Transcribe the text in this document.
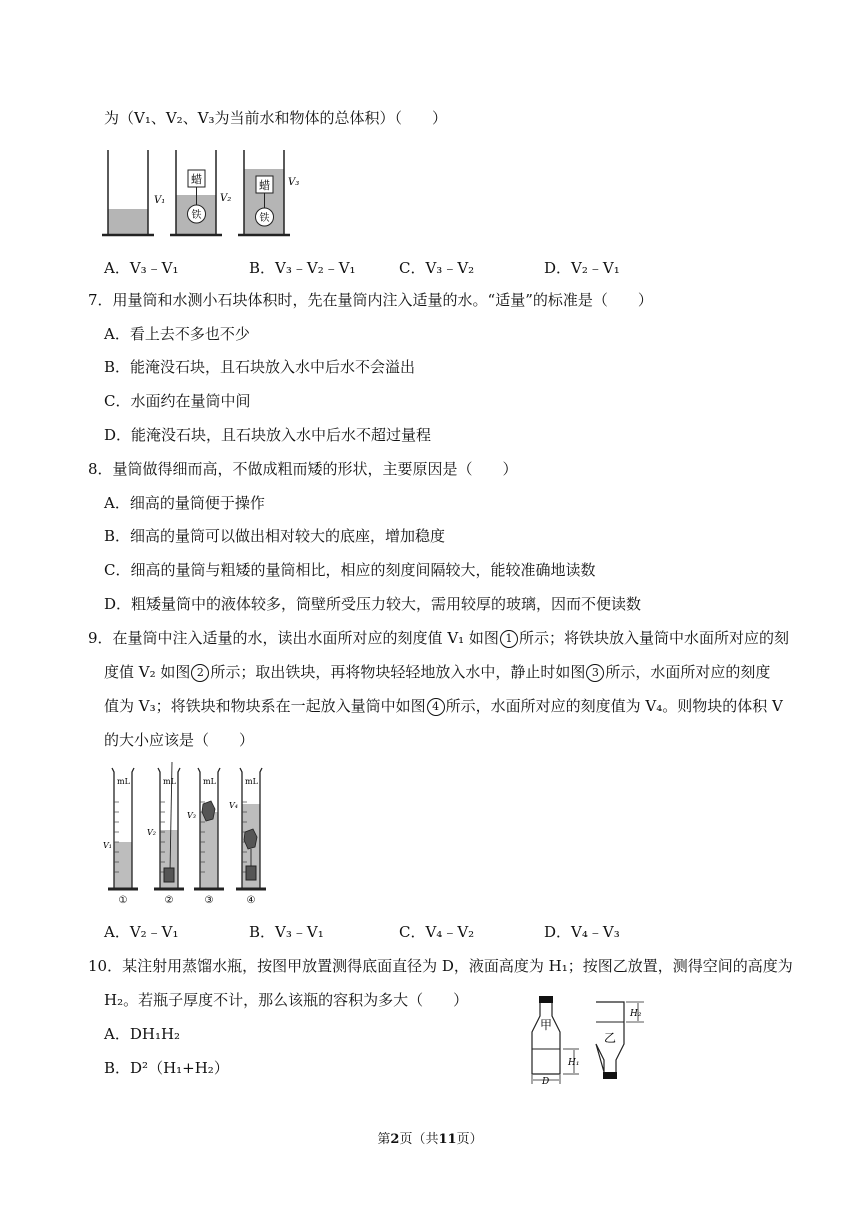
为（V₁、V₂、V₃为当前水和物体的总体积）（　　）
V₁
蜡
铁
V₂
蜡
铁
V₃
A．V₃﹣V₁	B．V₃﹣V₂﹣V₁	C．V₃﹣V₂	D．V₂﹣V₁
7．用量筒和水测小石块体积时，先在量筒内注入适量的水。“适量”的标准是（　　）
A．看上去不多也不少
B．能淹没石块，且石块放入水中后水不会溢出
C．水面约在量筒中间
D．能淹没石块，且石块放入水中后水不超过量程
8．量筒做得细而高，不做成粗而矮的形状，主要原因是（　　）
A．细高的量筒便于操作
B．细高的量筒可以做出相对较大的底座，增加稳度
C．细高的量筒与粗矮的量筒相比，相应的刻度间隔较大，能较准确地读数
D．粗矮量筒中的液体较多，筒壁所受压力较大，需用较厚的玻璃，因而不便读数
9．在量筒中注入适量的水，读出水面所对应的刻度值 V₁ 如图 1 所示；将铁块放入量筒中水面所对应的刻
度值 V₂ 如图 2 所示；取出铁块，再将物块轻轻地放入水中，静止时如图 3 所示，水面所对应的刻度
值为 V₃；将铁块和物块系在一起放入量筒中如图 4 所示，水面所对应的刻度值为 V₄。则物块的体积 V
的大小应该是（　　）
mL
V₁
①
mL
V₂
②
mL
V₃
③
mL
V₄
④
A．V₂﹣V₁	B．V₃﹣V₁	C．V₄﹣V₂	D．V₄﹣V₃
10．某注射用蒸馏水瓶，按图甲放置测得底面直径为 D，液面高度为 H₁；按图乙放置，测得空间的高度为
H₂。若瓶子厚度不计，那么该瓶的容积为多大（　　）
A．DH₁H₂
B．D²（H₁+H₂）
甲
H₁
D
乙
H₂
第2页（共11页）
